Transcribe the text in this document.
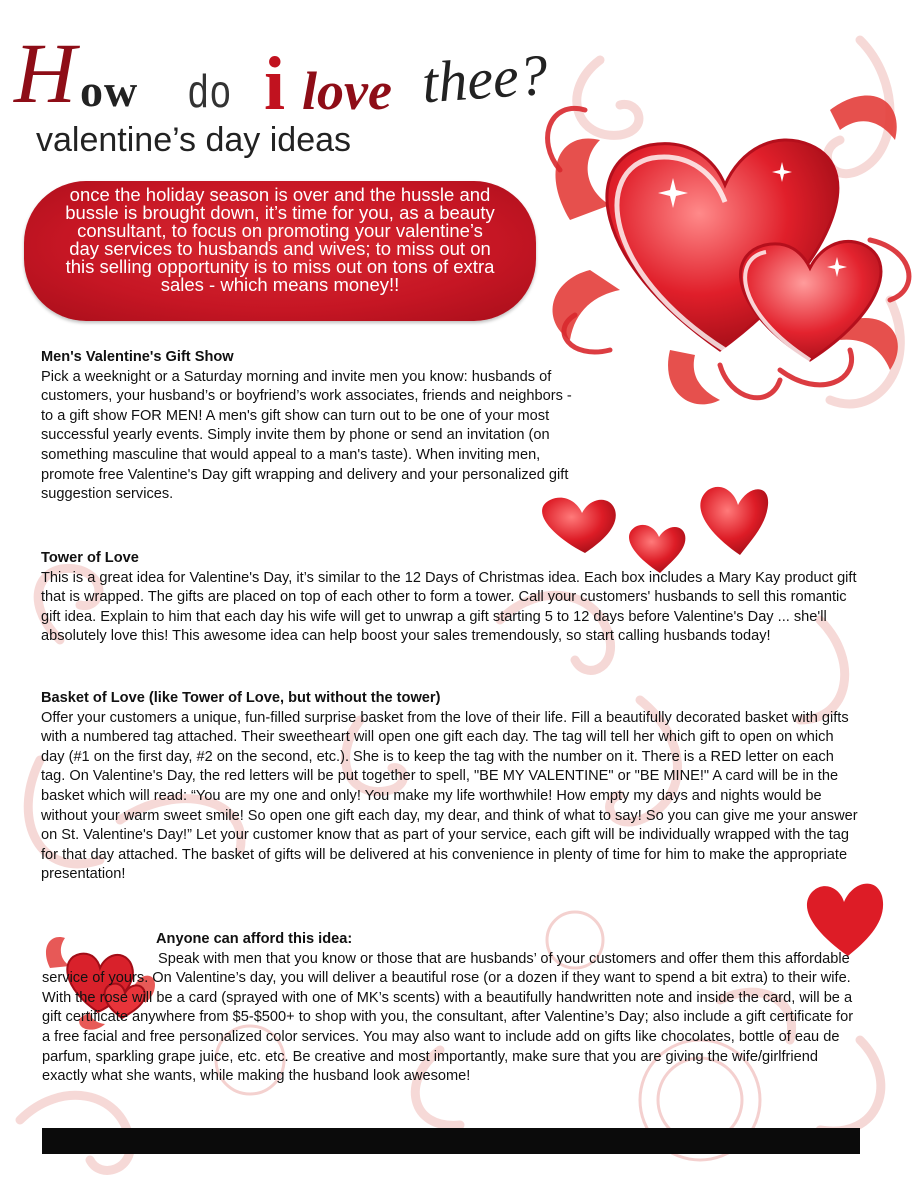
H ow do i love thee?
valentine’s day ideas
once the holiday season is over and the hussle and bussle is brought down, it’s time for you, as a beauty consultant, to focus on promoting your valentine’s day services to husbands and wives; to miss out on this selling opportunity is to miss out on tons of extra sales - which means money!!
Men's Valentine's Gift Show

Pick a weeknight or a Saturday morning and invite men you know: husbands of customers, your husband’s or boyfriend’s work associates, friends and neighbors - to a gift show FOR MEN! A men's gift show can turn out to be one of your most successful yearly events. Simply invite them by phone or send an invitation (on something masculine that would appeal to a man's taste). When inviting men, promote free Valentine's Day gift wrapping and delivery and your personalized gift suggestion services.

Tower of Love

This is a great idea for Valentine's Day, it’s similar to the 12 Days of Christmas idea. Each box includes a Mary Kay product gift that is wrapped. The gifts are placed on top of each other to form a tower. Call your customers' husbands to sell this romantic gift idea. Explain to him that each day his wife will get to unwrap a gift starting 5 to 12 days before Valentine's Day ... she'll absolutely love this! This awesome idea can help boost your sales tremendously, so start calling husbands today!

Basket of Love (like Tower of Love, but without the tower)

Offer your customers a unique, fun-filled surprise basket from the love of their life. Fill a beautifully decorated basket with gifts with a numbered tag attached. Their sweetheart will open one gift each day. The tag will tell her which gift to open on which day (#1 on the first day, #2 on the second, etc.). She is to keep the tag with the number on it. There is a RED letter on each tag. On Valentine's Day, the red letters will be put together to spell, "BE MY VALENTINE" or "BE MINE!" A card will be in the basket which will read: “You are my one and only! You make my life worthwhile! How empty my days and nights would be without your warm sweet smile! So open one gift each day, my dear, and think of what to say! So you can give me your answer on St. Valentine's Day!” Let your customer know that as part of your service, each gift will be individually wrapped with the tag for that day attached. The basket of gifts will be delivered at his convenience in plenty of time for him to make the appropriate presentation!

Anyone can afford this idea:

Speak with men that you know or those that are husbands’ of your customers and offer them this affordable service of yours. On Valentine’s day, you will deliver a beautiful rose (or a dozen if they want to spend a bit extra) to their wife. With the rose will be a card (sprayed with one of MK’s scents) with a beautifully handwritten note and inside the card, will be a gift certificate anywhere from $5-$500+ to shop with you, the consultant, after Valentine’s Day; also include a gift certificate for a free facial and free personalized color services. You may also want to include add on gifts like chocolates, bottle of eau de parfum, sparkling grape juice, etc. etc. Be creative and most importantly, make sure that you are giving the wife/girlfriend exactly what she wants, while making the husband look awesome!
